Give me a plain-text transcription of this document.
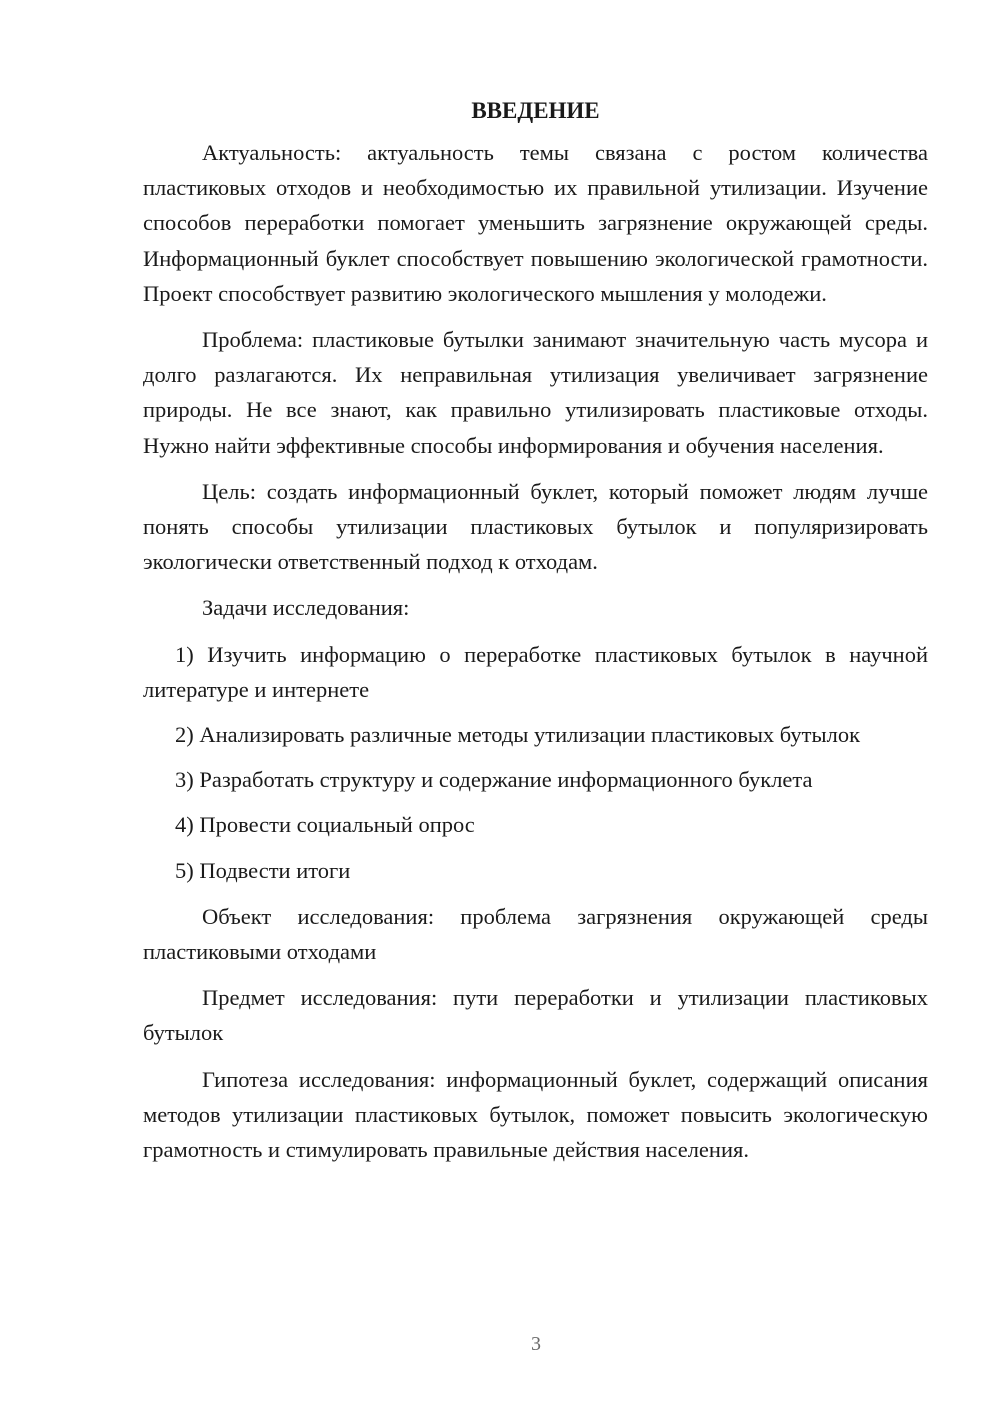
ВВЕДЕНИЕ

Актуальность: актуальность темы связана с ростом количества пластиковых отходов и необходимостью их правильной утилизации. Изучение способов переработки помогает уменьшить загрязнение окружающей среды. Информационный буклет способствует повышению экологической грамотности. Проект способствует развитию экологического мышления у молодежи.

Проблема: пластиковые бутылки занимают значительную часть мусора и долго разлагаются. Их неправильная утилизация увеличивает загрязнение природы. Не все знают, как правильно утилизировать пластиковые отходы. Нужно найти эффективные способы информирования и обучения населения.

Цель: создать информационный буклет, который поможет людям лучше понять способы утилизации пластиковых бутылок и популяризировать экологически ответственный подход к отходам.

Задачи исследования:

1) Изучить информацию о переработке пластиковых бутылок в научной литературе и интернете

2) Анализировать различные методы утилизации пластиковых бутылок

3) Разработать структуру и содержание информационного буклета

4) Провести социальный опрос

5) Подвести итоги

Объект исследования: проблема загрязнения окружающей среды пластиковыми отходами

Предмет исследования: пути переработки и утилизации пластиковых бутылок

Гипотеза исследования: информационный буклет, содержащий описания методов утилизации пластиковых бутылок, поможет повысить экологическую грамотность и стимулировать правильные действия населения.

3
